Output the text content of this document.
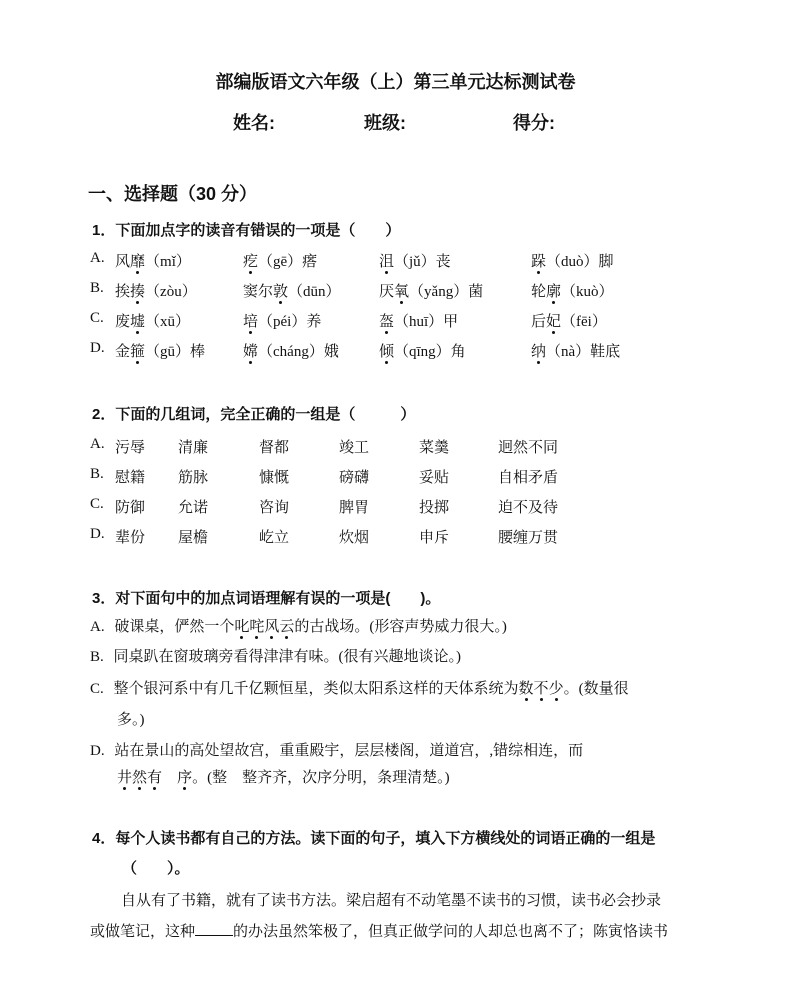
部编版语文六年级（上）第三单元达标测试卷
姓名:	班级:	得分:
一、选择题（30 分）
1．下面加点字的读音有错误的一项是（　　）
A. 风靡（mǐ）	疙（gē）瘩	沮（jǔ）丧	跺（duò）脚
B. 挨揍（zòu）	窦尔敦（dūn）	厌氧（yǎng）菌	轮廓（kuò）
C. 废墟（xū）	培（péi）养	盔（huī）甲	后妃（fēi）
D. 金箍（gū）棒	嫦（cháng）娥	倾（qīng）角	纳（nà）鞋底
2．下面的几组词，完全正确的一组是（　　　）
A. 污辱 清廉	督都	竣工	菜羹	迥然不同
B. 慰籍 筋脉	慷慨	磅礴	妥贴	自相矛盾
C. 防御 允诺	咨询	脾胃	投掷	迫不及待
D. 辈份 屋檐	屹立	炊烟	申斥	腰缠万贯
3．对下面句中的加点词语理解有误的一项是(　　)。
A. 破课桌，俨然一个叱咤风云的古战场。(形容声势威力很大。)
B. 同桌趴在窗玻璃旁看得津津有味。(很有兴趣地谈论。)
C. 整个银河系中有几千亿颗恒星，类似太阳系这样的天体系统为数不少。(数量很
多。)
D. 站在景山的高处望故宫，重重殿宇，层层楼阁，道道宫，,错综相连，而
井然有　 序。(整　整齐齐，次序分明，条理清楚。)
4．每个人读书都有自己的方法。读下面的句子，填入下方横线处的词语正确的一组是
（　　）。
自从有了书籍，就有了读书方法。梁启超有不动笔墨不读书的习惯，读书必会抄录
或做笔记，这种	的办法虽然笨极了，但真正做学问的人却总也离不了；陈寅恪读书
